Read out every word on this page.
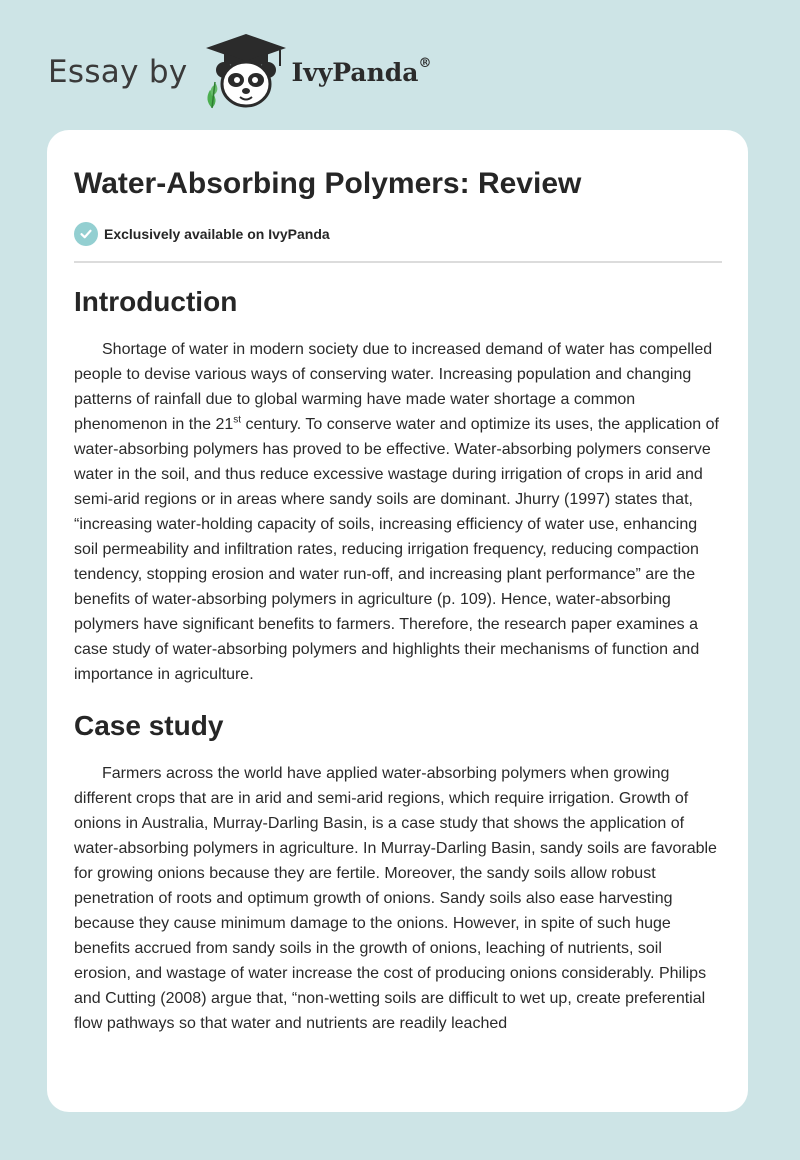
Essay by	IvyPanda®
Water-Absorbing Polymers: Review
Exclusively available on IvyPanda
Introduction

Shortage of water in modern society due to increased demand of water has compelled people to devise various ways of conserving water. Increasing population and changing patterns of rainfall due to global warming have made water shortage a common phenomenon in the 21st century. To conserve water and optimize its uses, the application of water-absorbing polymers has proved to be effective. Water-absorbing polymers conserve water in the soil, and thus reduce excessive wastage during irrigation of crops in arid and semi-arid regions or in areas where sandy soils are dominant. Jhurry (1997) states that, “increasing water-holding capacity of soils, increasing efficiency of water use, enhancing soil permeability and infiltration rates, reducing irrigation frequency, reducing compaction tendency, stopping erosion and water run-off, and increasing plant performance” are the benefits of water-absorbing polymers in agriculture (p. 109). Hence, water-absorbing polymers have significant benefits to farmers. Therefore, the research paper examines a case study of water-absorbing polymers and highlights their mechanisms of function and importance in agriculture.

Case study

Farmers across the world have applied water-absorbing polymers when growing different crops that are in arid and semi-arid regions, which require irrigation. Growth of onions in Australia, Murray-Darling Basin, is a case study that shows the application of water-absorbing polymers in agriculture. In Murray-Darling Basin, sandy soils are favorable for growing onions because they are fertile. Moreover, the sandy soils allow robust penetration of roots and optimum growth of onions. Sandy soils also ease harvesting because they cause minimum damage to the onions. However, in spite of such huge benefits accrued from sandy soils in the growth of onions, leaching of nutrients, soil erosion, and wastage of water increase the cost of producing onions considerably. Philips and Cutting (2008) argue that, “non-wetting soils are difficult to wet up, create preferential flow pathways so that water and nutrients are readily leached
